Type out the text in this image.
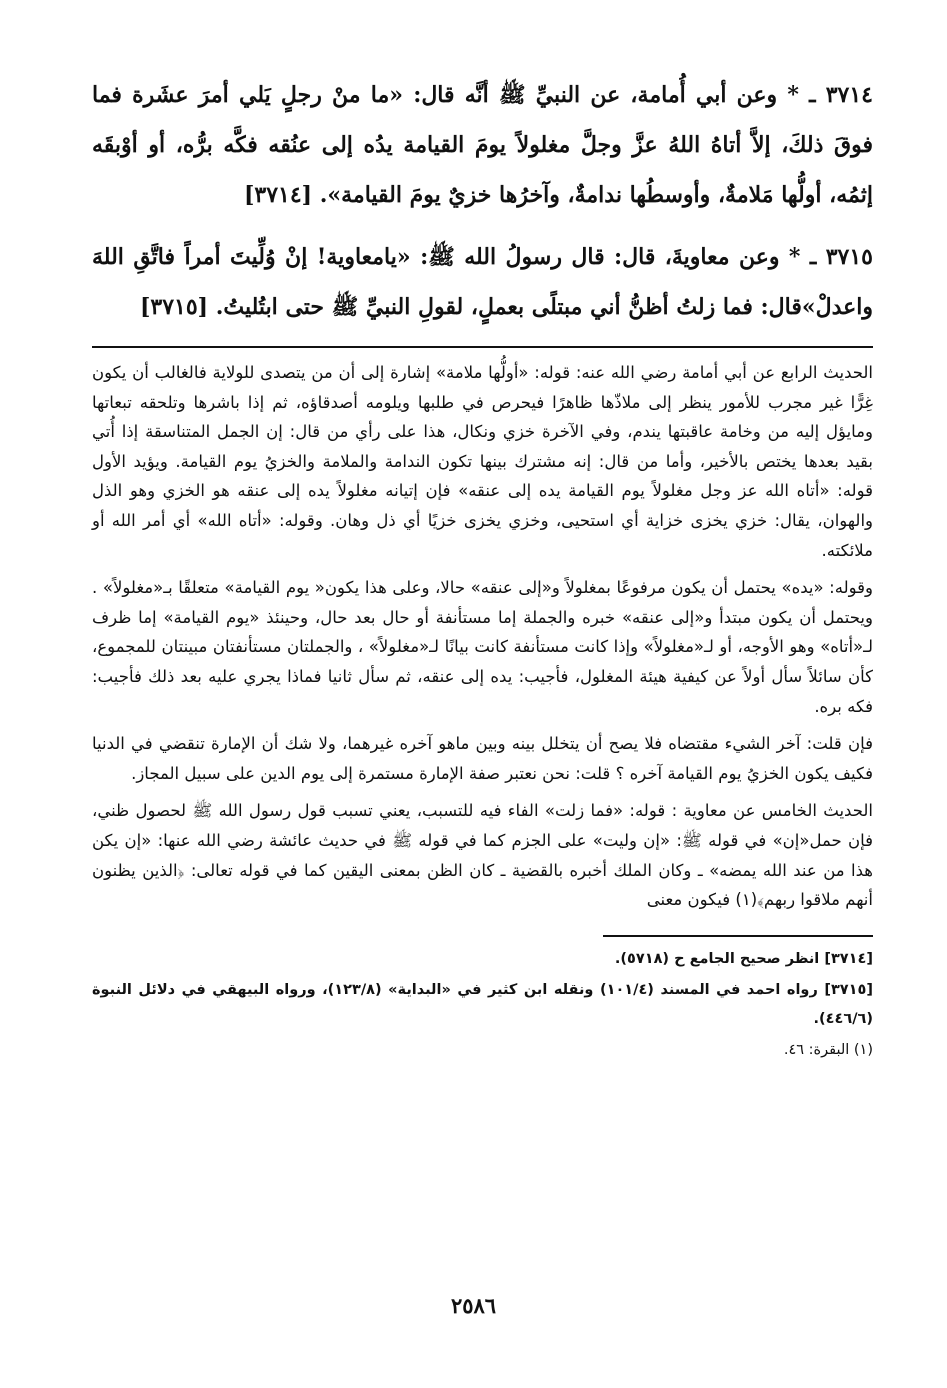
٣٧١٤ ـ * وعن أبي أُمامة، عن النبيِّ ﷺ أنَّه قال: «ما منْ رجلٍ يَلي أمرَ عشَرة فما فوقَ ذلكَ، إلاَّ أتاهُ اللهُ عزَّ وجلَّ مغلولاً يومَ القيامة يدُه إلى عنُقه فكَّه برُّه، أو أوْبقَه إثمُه، أولُّها مَلامةٌ، وأوسطُها ندامةٌ، وآخرُها خزيٌ يومَ القيامة». [٣٧١٤]

٣٧١٥ ـ * وعن معاويةَ، قال: قال رسولُ الله ﷺ: «يامعاوية! إنْ وُلِّيتَ أمراً فاتَّقِ اللهَ واعدلْ»قال: فما زلتُ أظنُّ أني مبتلًى بعملٍ، لقولِ النبيِّ ﷺ حتى ابتُليتُ. [٣٧١٥]

الحديث الرابع عن أبي أمامة رضي الله عنه: قوله: «أولُّها ملامة» إشارة إلى أن من يتصدى للولاية فالغالب أن يكون غِرًّا غير مجرب للأمور ينظر إلى ملاذّها ظاهرًا فيحرص في طلبها ويلومه أصدقاؤه، ثم إذا باشرها وتلحقه تبعاتها ومايؤل إليه من وخامة عاقبتها يندم، وفي الآخرة خزي ونكال، هذا على رأي من قال: إن الجمل المتناسقة إذا أُتي بقيد بعدها يختص بالأخير، وأما من قال: إنه مشترك بينها تكون الندامة والملامة والخزيُ يوم القيامة. ويؤيد الأول قوله: «أتاه الله عز وجل مغلولاً يوم القيامة يده إلى عنقه» فإن إتيانه مغلولاً يده إلى عنقه هو الخزي وهو الذل والهوان، يقال: خزي يخزى خزاية أي استحيى، وخزي يخزى خزيًا أي ذل وهان. وقوله: «أتاه الله» أي أمر الله أو ملائكته.

وقوله: «يده» يحتمل أن يكون مرفوعًا بمغلولاً و«إلى عنقه» حالا، وعلى هذا يكون« يوم القيامة» متعلقًا بـ«مغلولاً» . ويحتمل أن يكون مبتدأ و«إلى عنقه» خبره والجملة إما مستأنفة أو حال بعد حال، وحينئذ «يوم القيامة» إما ظرف لـ«أتاه» وهو الأوجه، أو لـ«مغلولاً» وإذا كانت مستأنفة كانت بيانًا لـ«مغلولاً» ، والجملتان مستأنفتان مبينتان للمجموع، كأن سائلاً سأل أولاً عن كيفية هيئة المغلول، فأجيب: يده إلى عنقه، ثم سأل ثانيا فماذا يجري عليه بعد ذلك فأجيب: فكه بره.

فإن قلت: آخر الشيء مقتضاه فلا يصح أن يتخلل بينه وبين ماهو آخره غيرهما، ولا شك أن الإمارة تنقضي في الدنيا فكيف يكون الخزيُ يوم القيامة آخره ؟ قلت: نحن نعتبر صفة الإمارة مستمرة إلى يوم الدين على سبيل المجاز.

الحديث الخامس عن معاوية : قوله: «فما زلت» الفاء فيه للتسبب، يعني تسبب قول رسول الله ﷺ لحصول ظني، فإن حمل«إن» في قوله ﷺ: «إن وليت» على الجزم كما في قوله ﷺ في حديث عائشة رضي الله عنها: «إن يكن هذا من عند الله يمضه» ـ وكان الملك أخبره بالقضية ـ كان الظن بمعنى اليقين كما في قوله تعالى: ﴿الذين يظنون أنهم ملاقوا ربهم﴾(١) فيكون معنى

[٣٧١٤] انظر صحيح الجامع ح (٥٧١٨).

[٣٧١٥] رواه احمد في المسند (١٠١/٤) ونقله ابن كثير في «البداية» (١٢٣/٨)، ورواه البيهقي في دلائل النبوة (٤٤٦/٦).

(١) البقرة: ٤٦.

٢٥٨٦
